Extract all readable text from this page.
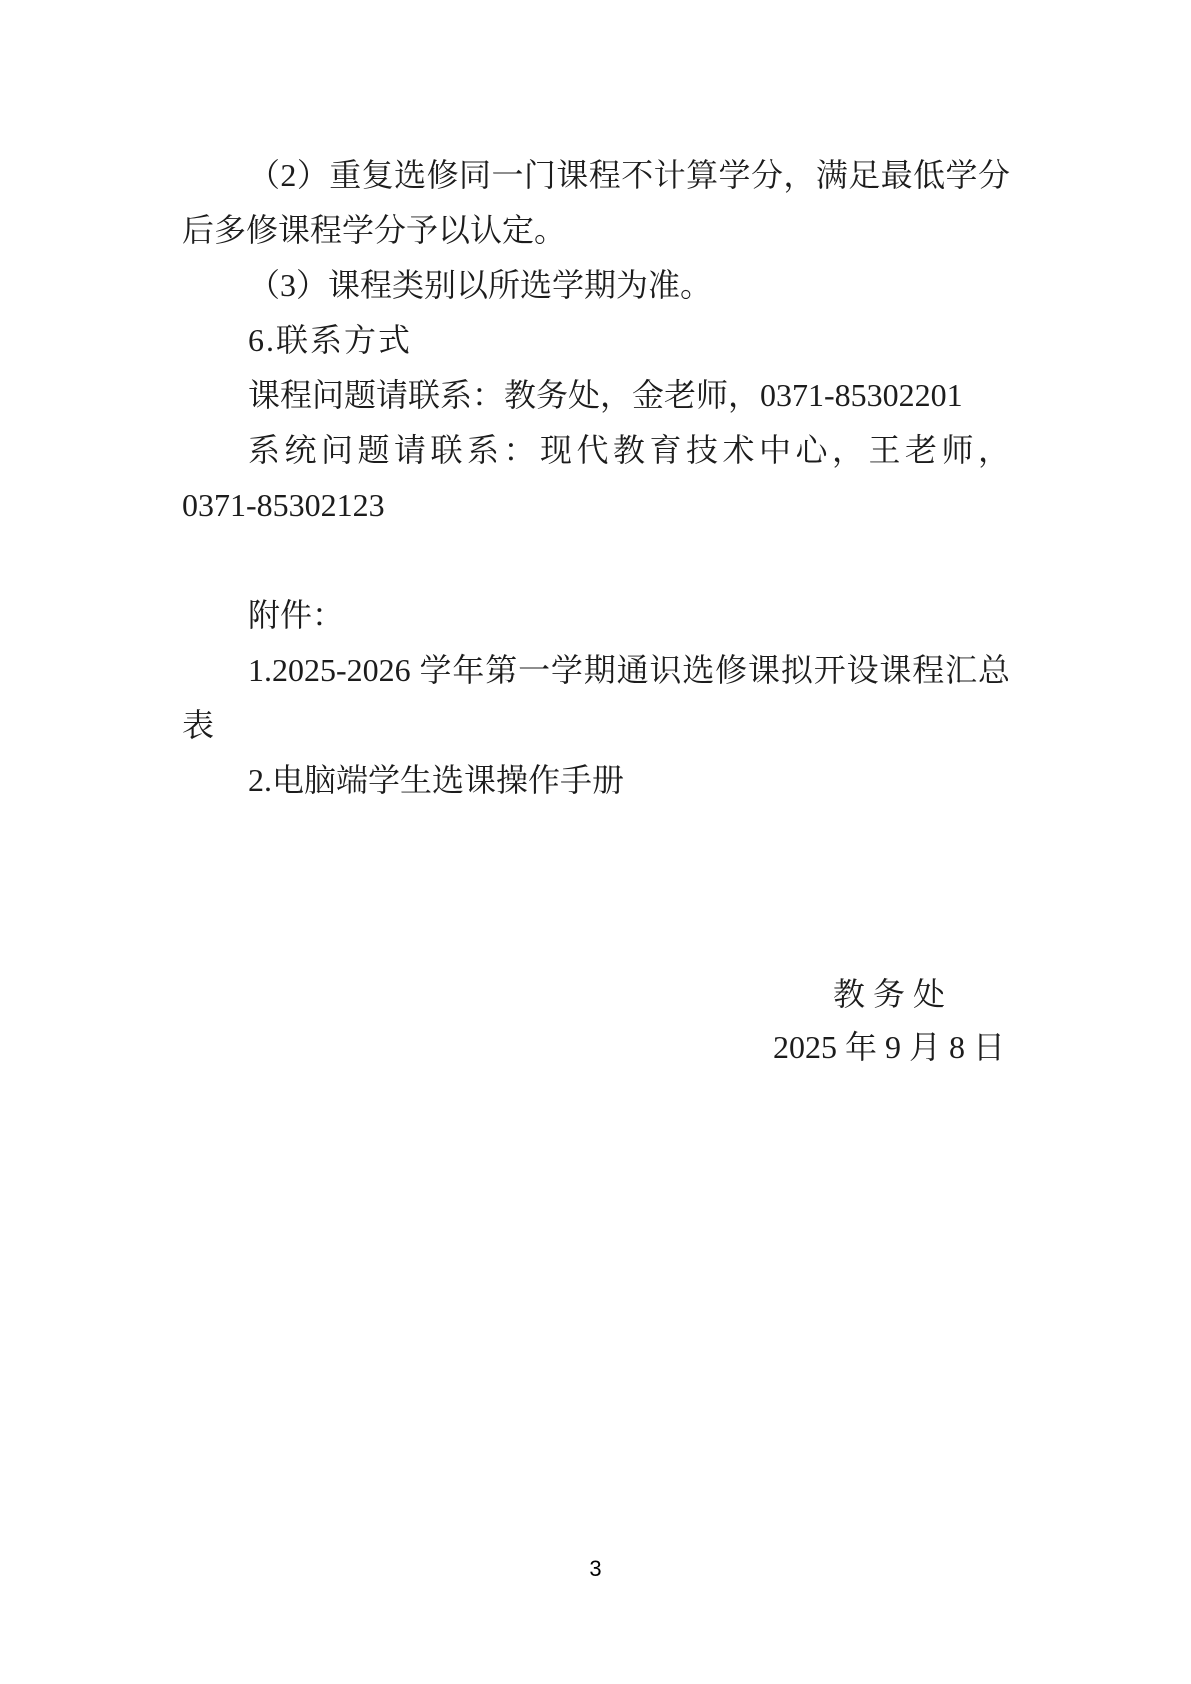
（2）重复选修同一门课程不计算学分，满足最低学分
后多修课程学分予以认定。
（3）课程类别以所选学期为准。
6.联系方式
课程问题请联系：教务处，金老师，0371-85302201
系统问题请联系：现代教育技术中心，王老师，
0371-85302123
附件：
1.2025-2026 学年第一学期通识选修课拟开设课程汇总
表
2.电脑端学生选课操作手册
教务处
2025 年 9 月 8 日
3
